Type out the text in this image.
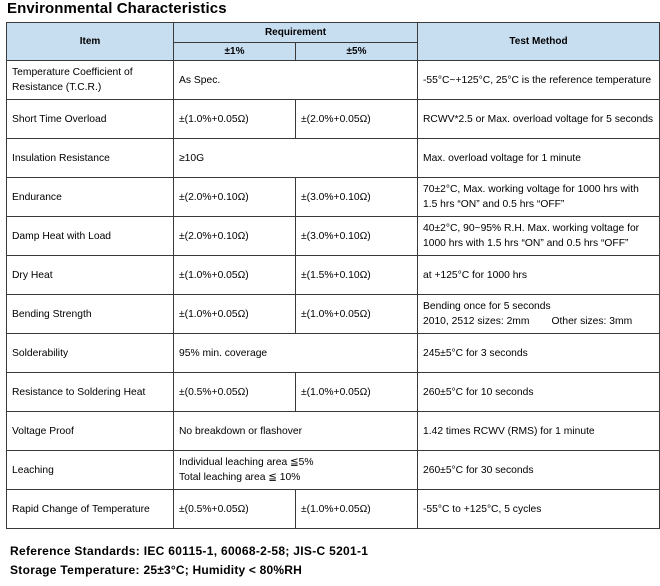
Environmental Characteristics
Item	Requirement		Test Method
	±1%	±5%	
Temperature Coefficient of Resistance (T.C.R.)	As Spec.		-55°C~+125°C, 25°C is the reference temperature
Short Time Overload	±(1.0%+0.05Ω)	±(2.0%+0.05Ω)	RCWV*2.5 or Max. overload voltage for 5 seconds
Insulation Resistance	≥10G		Max. overload voltage for 1 minute
Endurance	±(2.0%+0.10Ω)	±(3.0%+0.10Ω)	70±2°C, Max. working voltage for 1000 hrs with 1.5 hrs “ON” and 0.5 hrs “OFF”
Damp Heat with Load	±(2.0%+0.10Ω)	±(3.0%+0.10Ω)	40±2°C, 90~95% R.H. Max. working voltage for 1000 hrs with 1.5 hrs “ON” and 0.5 hrs “OFF”
Dry Heat	±(1.0%+0.05Ω)	±(1.5%+0.10Ω)	at +125°C for 1000 hrs
Bending Strength	±(1.0%+0.05Ω)	±(1.0%+0.05Ω)	Bending once for 5 seconds
2010, 2512 sizes: 2mm Other sizes: 3mm

Solderability	95% min. coverage		245±5°C for 3 seconds
Resistance to Soldering Heat	±(0.5%+0.05Ω)	±(1.0%+0.05Ω)	260±5°C for 10 seconds
Voltage Proof	No breakdown or flashover		1.42 times RCWV (RMS) for 1 minute
Leaching	Individual leaching area ≦5%
Total leaching area ≦ 10%		260±5°C for 30 seconds
Rapid Change of Temperature	±(0.5%+0.05Ω)	±(1.0%+0.05Ω)	-55°C to +125°C, 5 cycles
Reference Standards: IEC 60115-1, 60068-2-58; JIS-C 5201-1
Storage Temperature: 25±3°C; Humidity < 80%RH
